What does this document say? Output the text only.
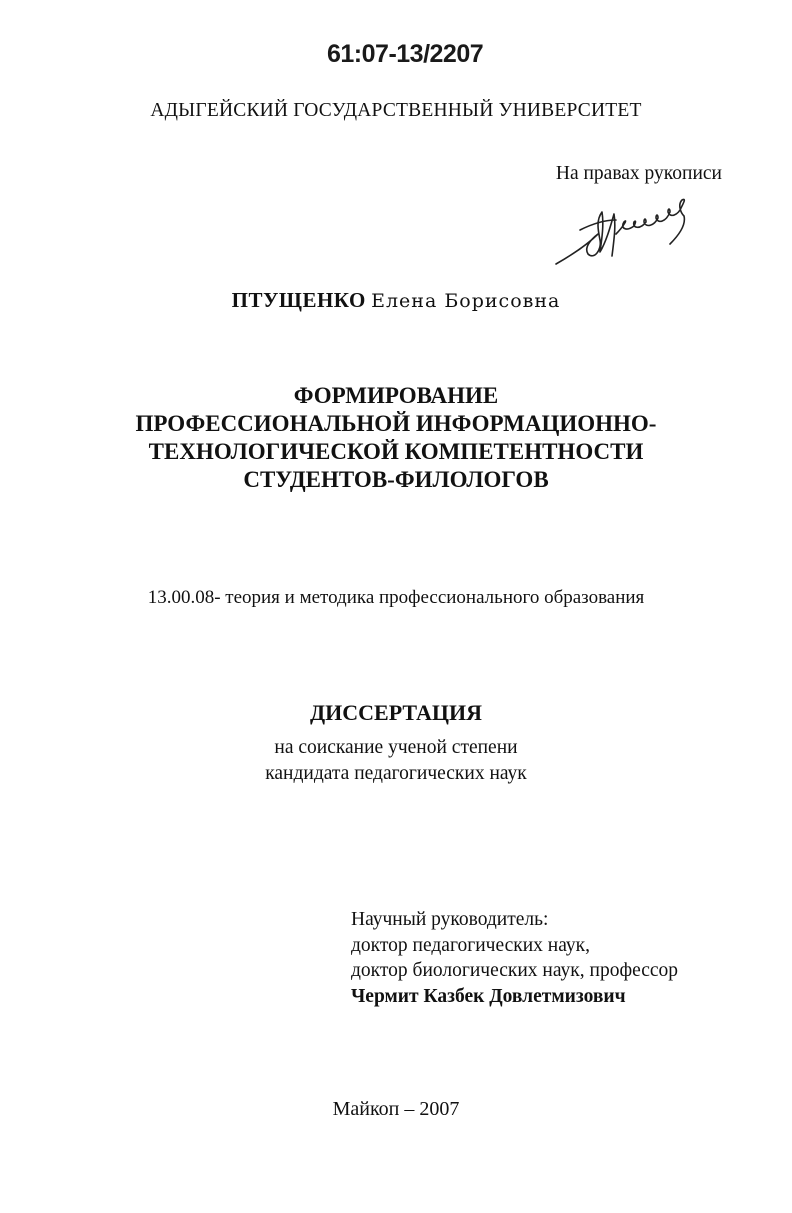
61:07-13/2207
АДЫГЕЙСКИЙ ГОСУДАРСТВЕННЫЙ УНИВЕРСИТЕТ
На правах рукописи
ПТУЩЕНКО Елена Борисовна
ФОРМИРОВАНИЕ
ПРОФЕССИОНАЛЬНОЙ ИНФОРМАЦИОННО-
ТЕХНОЛОГИЧЕСКОЙ КОМПЕТЕНТНОСТИ
СТУДЕНТОВ-ФИЛОЛОГОВ
13.00.08- теория и методика профессионального образования
ДИССЕРТАЦИЯ
на соискание ученой степени
кандидата педагогических наук
Научный руководитель:
доктор педагогических наук,
доктор биологических наук, профессор
Чермит Казбек Довлетмизович
Майкоп – 2007
